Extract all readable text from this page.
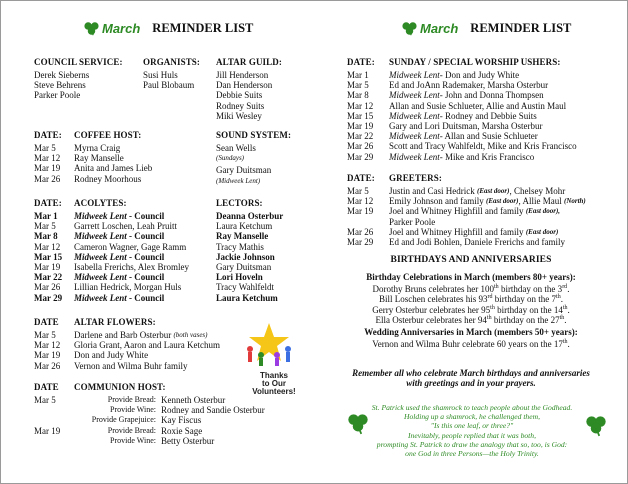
March REMINDER LIST
COUNCIL SERVICE:
Derek Sieberns
Steve Behrens
Parker Poole
ORGANISTS:
Susi Huls
Paul Blobaum
ALTAR GUILD:
Jill Henderson
Dan Henderson
Debbie Suits
Rodney Suits
Miki Wesley
DATE:	COFFEE HOST:
Mar 5	Myrna Craig
Mar 12	Ray Manselle
Mar 19	Anita and James Lieb
Mar 26	Rodney Moorhous
SOUND SYSTEM:
Sean Wells
(Sundays)
Gary Duitsman
(Midweek Lent)
DATE:	ACOLYTES:	LECTORS:
Mar 1	Midweek Lent - Council	Deanna Osterbur
Mar 5	Garrett Loschen, Leah Pruitt	Laura Ketchum
Mar 8	Midweek Lent - Council	Ray Manselle
Mar 12	Cameron Wagner, Gage Ramm	Tracy Mathis
Mar 15	Midweek Lent - Council	Jackie Johnson
Mar 19	Isabella Frerichs, Alex Bromley	Gary Duitsman
Mar 22	Midweek Lent - Council	Lori Hoveln
Mar 26	Lillian Hedrick, Morgan Huls	Tracy Wahlfeldt
Mar 29	Midweek Lent - Council	Laura Ketchum
DATE	ALTAR FLOWERS:
Mar 5	Darlene and Barb Osterbur
(both vases)
Mar 12	Gloria Grant, Aaron and Laura Ketchum
Mar 19	Don and Judy White
Mar 26	Vernon and Wilma Buhr family
Thanks
to Our
Volunteers!
DATE	COMMUNION HOST:
Mar 5	Provide Bread: Kenneth Osterbur
Provide Wine: Rodney and Sandie Osterbur
Provide Grapejuice: Kay Fiscus
Mar 19	Provide Bread: Roxie Sage
Provide Wine: Betty Osterbur
March REMINDER LIST
DATE:	SUNDAY / SPECIAL WORSHIP USHERS:
Mar 1	Midweek Lent - Don and Judy White
Mar 5	Ed and JoAnn Rademaker, Marsha Osterbur
Mar 8	Midweek Lent - John and Donna Thompsen
Mar 12	Allan and Susie Schlueter, Allie and Austin Maul
Mar 15	Midweek Lent - Rodney and Debbie Suits
Mar 19	Gary and Lori Duitsman, Marsha Osterbur
Mar 22	Midweek Lent - Allan and Susie Schlueter
Mar 26	Scott and Tracy Wahlfeldt, Mike and Kris Francisco
Mar 29	Midweek Lent - Mike and Kris Francisco
DATE:	GREETERS:
Mar 5	Justin and Casi Hedrick
(East door) , Chelsey Mohr
Mar 12	Emily Johnson and family
(East door) , Allie Maul
(North)
Mar 19	Joel and Whitney Highfill and family
(East door),
Parker Poole
Mar 26	Joel and Whitney Highfill and family
(East door)
Mar 29	Ed and Jodi Bohlen, Daniele Frerichs and family
BIRTHDAYS AND ANNIVERSARIES
Birthday Celebrations in March (members 80+ years):
Dorothy Bruns celebrates her 100th birthday on the 3rd.
Bill Loschen celebrates his 93rd birthday on the 7th.
Gerry Osterbur celebrates her 95th birthday on the 14th.
Ella Osterbur celebrates her 94th birthday on the 27th.
Wedding Anniversaries in March (members 50+ years):
Vernon and Wilma Buhr celebrate 60 years on the 17th.
Remember all who celebrate March birthdays and anniversaries
with greetings and in your prayers.
St. Patrick used the shamrock to teach people about the Godhead.
Holding up a shamrock, he challenged them,
"Is this one leaf, or three?"
Inevitably, people replied that it was both,
prompting St. Patrick to draw the analogy that so, too, is God:
one God in three Persons—the Holy Trinity.
